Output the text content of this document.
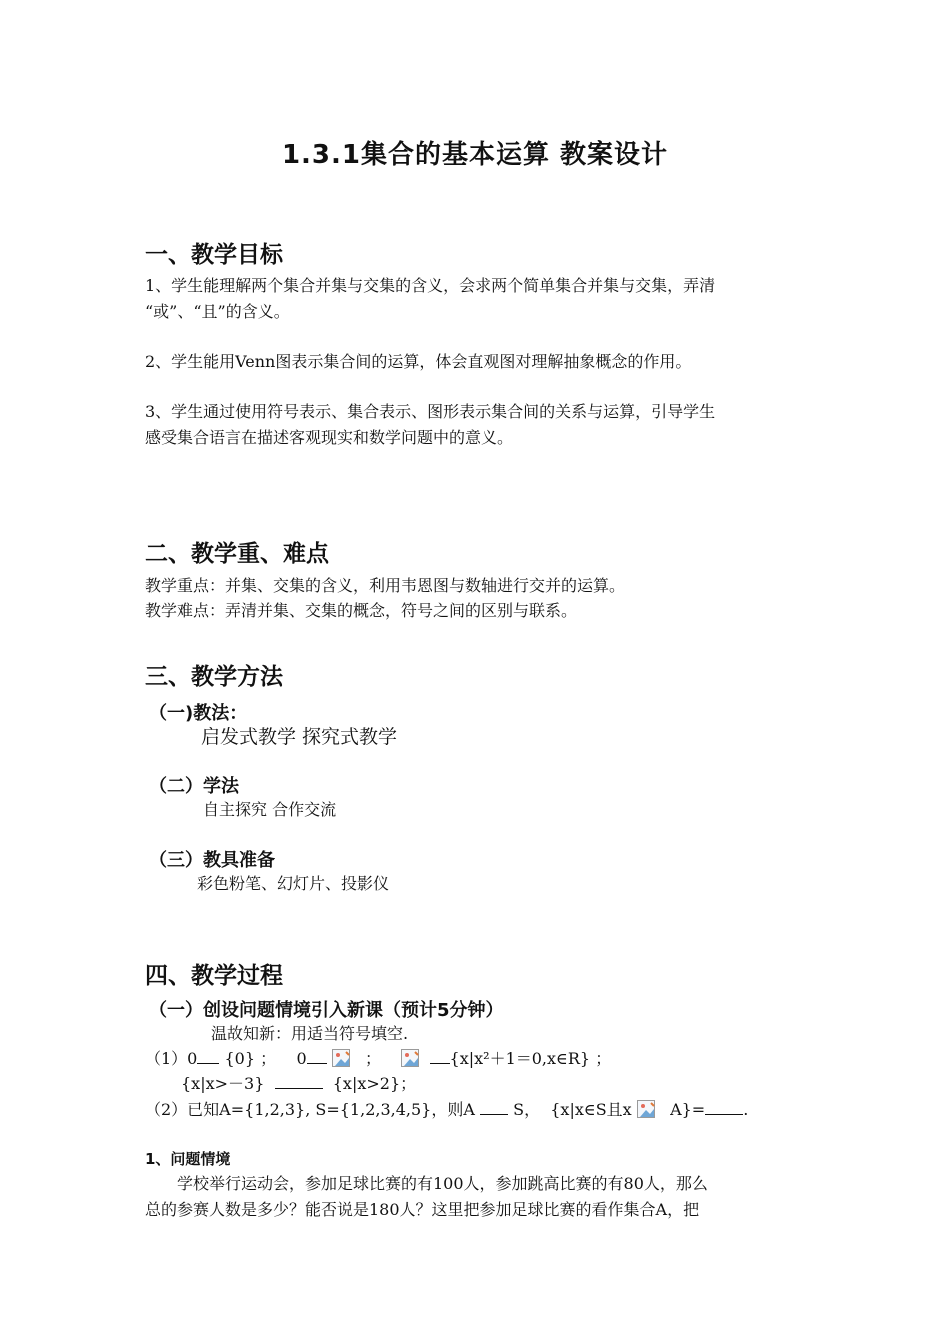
1.3.1集合的基本运算 教案设计
一、教学目标
1、学生能理解两个集合并集与交集的含义，会求两个简单集合并集与交集，弄清
“或”、“且”的含义。
2、学生能用Venn图表示集合间的运算，体会直观图对理解抽象概念的作用。
3、学生通过使用符号表示、集合表示、图形表示集合间的关系与运算，引导学生
感受集合语言在描述客观现实和数学问题中的意义。
二、教学重、难点
教学重点：并集、交集的含义，利用韦恩图与数轴进行交并的运算。
教学难点：弄清并集、交集的概念，符号之间的区别与联系。
三、教学方法
（一)教法：
启发式教学 探究式教学
（二）学法
自主探究 合作交流
（三）教具准备
彩色粉笔、幻灯片、投影仪
四、教学过程
（一）创设问题情境引入新课（预计5分钟）
温故知新：用适当符号填空.
（1）0 {0} ； 0	；	{x|x²＋1＝0,x∈R} ；
{x|x>－3}	{x|x>2}；
（2）已知A={1,2,3}, S={1,2,3,4,5}，则A S， {x|x∈S且x A}= .
1、问题情境
学校举行运动会，参加足球比赛的有100人，参加跳高比赛的有80人，那么
总的参赛人数是多少？能否说是180人？这里把参加足球比赛的看作集合A，把
